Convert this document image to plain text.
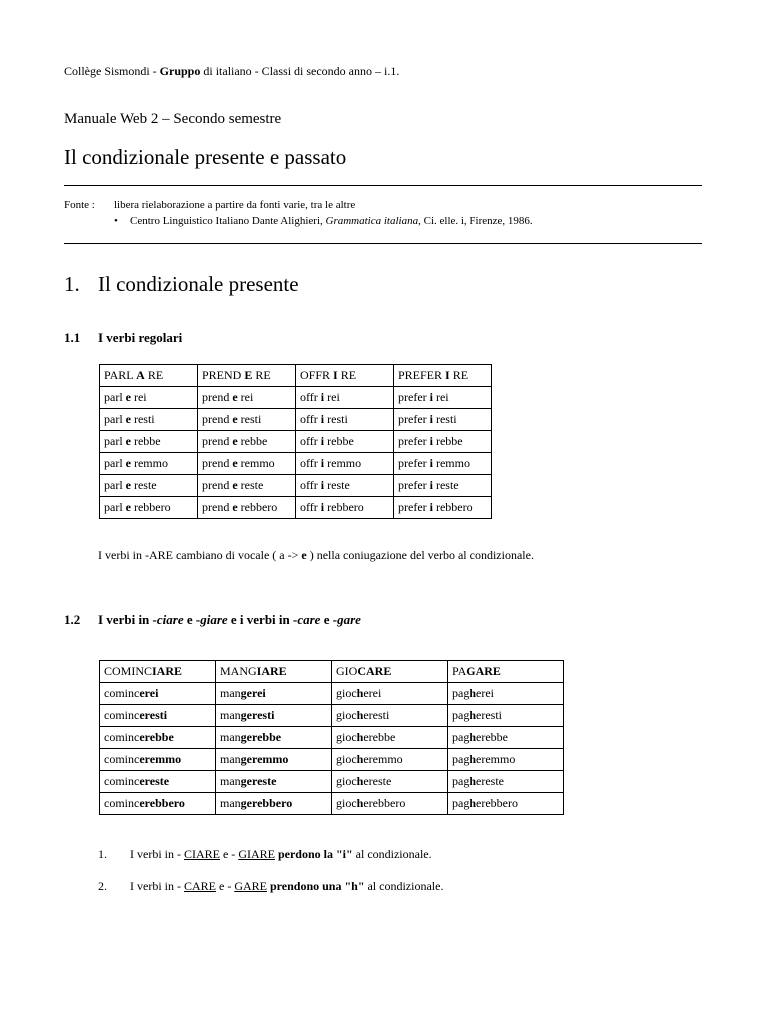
Collège Sismondi - Gruppo di italiano - Classi di secondo anno – i.1.
Manuale Web 2 – Secondo semestre
Il condizionale presente e passato
Fonte : libera rielaborazione a partire da fonti varie, tra le altre
• Centro Linguistico Italiano Dante Alighieri, Grammatica italiana, Ci. elle. i, Firenze, 1986.
1. Il condizionale presente
1.1 I verbi regolari
PARL A RE	PREND E RE	OFFR I RE	PREFER I RE
parl e rei	prend e rei	offr i rei	prefer i rei
parl e resti	prend e resti	offr i resti	prefer i resti
parl e rebbe	prend e rebbe	offr i rebbe	prefer i rebbe
parl e remmo	prend e remmo	offr i remmo	prefer i remmo
parl e reste	prend e reste	offr i reste	prefer i reste
parl e rebbero	prend e rebbero	offr i rebbero	prefer i rebbero
I verbi in -ARE cambiano di vocale ( a -> e ) nella coniugazione del verbo al condizionale.
1.2 I verbi in -ciare e -giare e i verbi in -care e -gare
COMINCIARE	MANGIARE	GIOCARE	PAGARE
comincerei	mangerei	giocherei	pagherei
cominceresti	mangeresti	giocheresti	pagheresti
comincerebbe	mangerebbe	giocherebbe	pagherebbe
cominceremmo	mangeremmo	giocheremmo	pagheremmo
comincereste	mangereste	giochereste	paghereste
comincerebbero	mangerebbero	giocherebbero	pagherebbero
1. I verbi in - CIARE e - GIARE perdono la "i" al condizionale.
2. I verbi in - CARE e - GARE prendono una "h" al condizionale.
